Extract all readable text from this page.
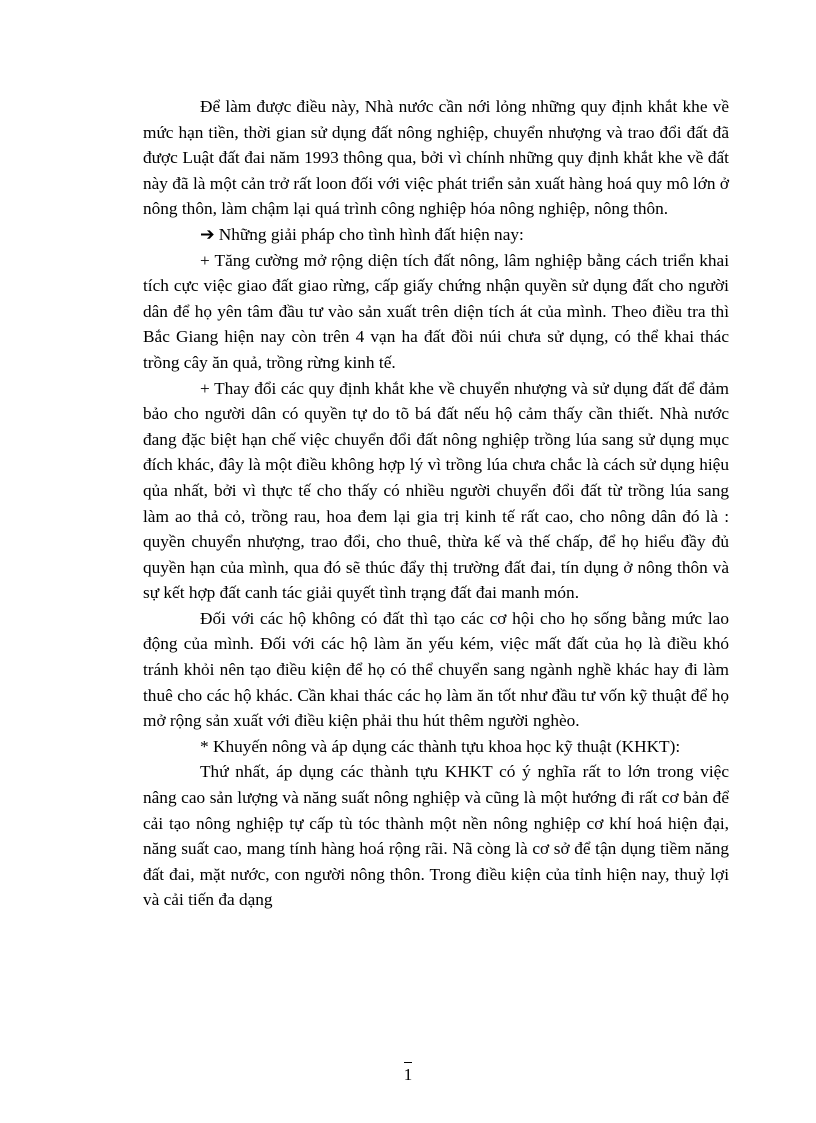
Để làm được điều này, Nhà nước cần nới lỏng những quy định khắt khe về mức hạn tiền, thời gian sử dụng đất nông nghiệp, chuyển nhượng và trao đổi đất đã được Luật đất đai năm 1993 thông qua, bởi vì chính những quy định khắt khe về đất này đã là một cản trở rất loon đối với việc phát triển sản xuất hàng hoá quy mô lớn ở nông thôn, làm chậm lại quá trình công nghiệp hóa nông nghiệp, nông thôn.

➔ Những giải pháp cho tình hình đất hiện nay:

+ Tăng cường mở rộng diện tích đất nông, lâm nghiệp bằng cách triển khai tích cực việc giao đất giao rừng, cấp giấy chứng nhận quyền sử dụng đất cho người dân để họ yên tâm đầu tư vào sản xuất trên diện tích át của mình. Theo điều tra thì Bắc Giang hiện nay còn trên 4 vạn ha đất đồi núi chưa sử dụng, có thể khai thác trồng cây ăn quả, trồng rừng kinh tế.

+ Thay đổi các quy định khắt khe về chuyển nhượng và sử dụng đất để đảm bảo cho người dân có quyền tự do tõ bá đất nếu hộ cảm thấy cần thiết. Nhà nước đang đặc biệt hạn chế việc chuyển đổi đất nông nghiệp trồng lúa sang sử dụng mục đích khác, đây là một điều không hợp lý vì trồng lúa chưa chắc là cách sử dụng hiệu qủa nhất, bởi vì thực tế cho thấy có nhiều người chuyển đổi đất từ trồng lúa sang làm ao thả cỏ, trồng rau, hoa đem lại gia trị kinh tế rất cao, cho nông dân đó là : quyền chuyển nhượng, trao đổi, cho thuê, thừa kế và thế chấp, để họ hiểu đầy đủ quyền hạn của mình, qua đó sẽ thúc đẩy thị trường đất đai, tín dụng ở nông thôn và sự kết hợp đất canh tác giải quyết tình trạng đất đai manh món.

Đối với các hộ không có đất thì tạo các cơ hội cho họ sống bằng mức lao động của mình. Đối với các hộ làm ăn yếu kém, việc mất đất của họ là điều khó tránh khỏi nên tạo điều kiện để họ có thể chuyển sang ngành nghề khác hay đi làm thuê cho các hộ khác. Cần khai thác các họ làm ăn tốt như đầu tư vốn kỹ thuật để họ mở rộng sản xuất với điều kiện phải thu hút thêm người nghèo.

* Khuyến nông và áp dụng các thành tựu khoa học kỹ thuật (KHKT):

Thứ nhất, áp dụng các thành tựu KHKT có ý nghĩa rất to lớn trong việc nâng cao sản lượng và năng suất nông nghiệp và cũng là một hướng đi rất cơ bản để cải tạo nông nghiệp tự cấp tù tóc thành một nền nông nghiệp cơ khí hoá hiện đại, năng suất cao, mang tính hàng hoá rộng rãi. Nã còng là cơ sở để tận dụng tiềm năng đất đai, mặt nước, con người nông thôn. Trong điều kiện của tỉnh hiện nay, thuỷ lợi và cải tiến đa dạng

1
